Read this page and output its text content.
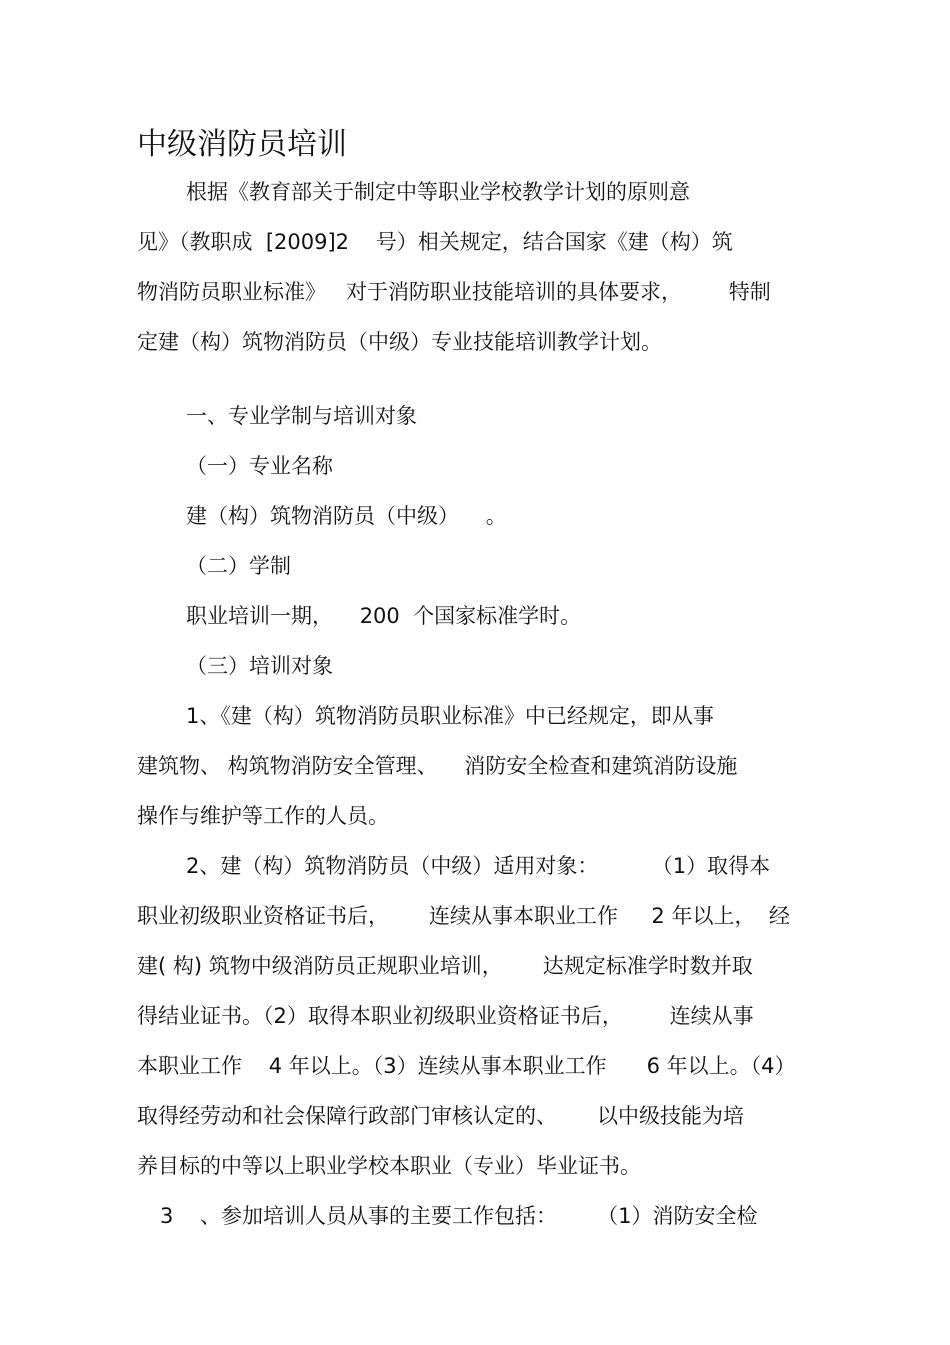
中级消防员培训
根据《教育部关于制定中等职业学校教学计划的原则意
见》（教职成  [2009]2    号）相关规定，结合国家《建（构）筑
物消防员职业标准》   对于消防职业技能培训的具体要求，       特制
定建（构）筑物消防员（中级）专业技能培训教学计划。
一、专业学制与培训对象
（一）专业名称
建（构）筑物消防员（中级）    。
（二）学制
职业培训一期，    200  个国家标准学时。
（三）培训对象
1、《建（构）筑物消防员职业标准》中已经规定，即从事
建筑物、 构筑物消防安全管理、    消防安全检查和建筑消防设施
操作与维护等工作的人员。
2、建（构）筑物消防员（中级）适用对象：        （1）取得本
职业初级职业资格证书后，      连续从事本职业工作     2 年以上，  经
建( 构) 筑物中级消防员正规职业培训，      达规定标准学时数并取
得结业证书。（2）取得本职业初级职业资格证书后，       连续从事
本职业工作    4 年以上。（3）连续从事本职业工作      6 年以上。（4）
取得经劳动和社会保障行政部门审核认定的、      以中级技能为培
养目标的中等以上职业学校本职业（专业）毕业证书。
3    、参加培训人员从事的主要工作包括：      （1）消防安全检
